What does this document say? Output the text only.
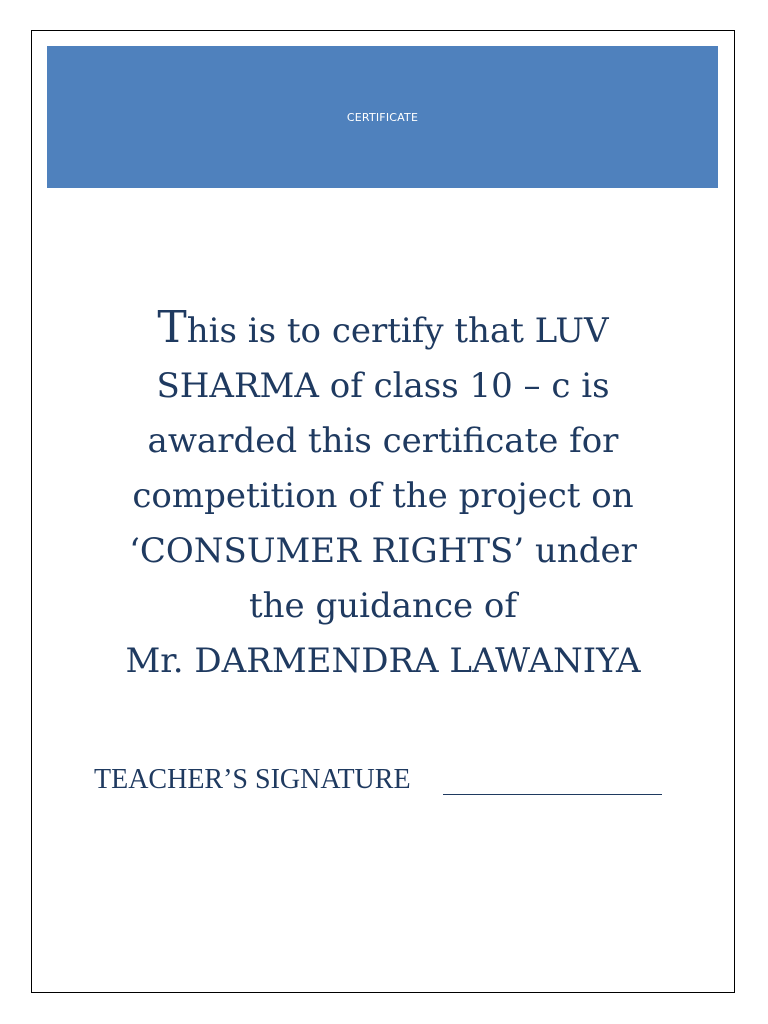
CERTIFICATE
This is to certify that LUV
SHARMA of class 10 – c is
awarded this certificate for
competition of the project on
‘CONSUMER RIGHTS’ under
the guidance of
Mr. DARMENDRA LAWANIYA
TEACHER’S SIGNATURE
